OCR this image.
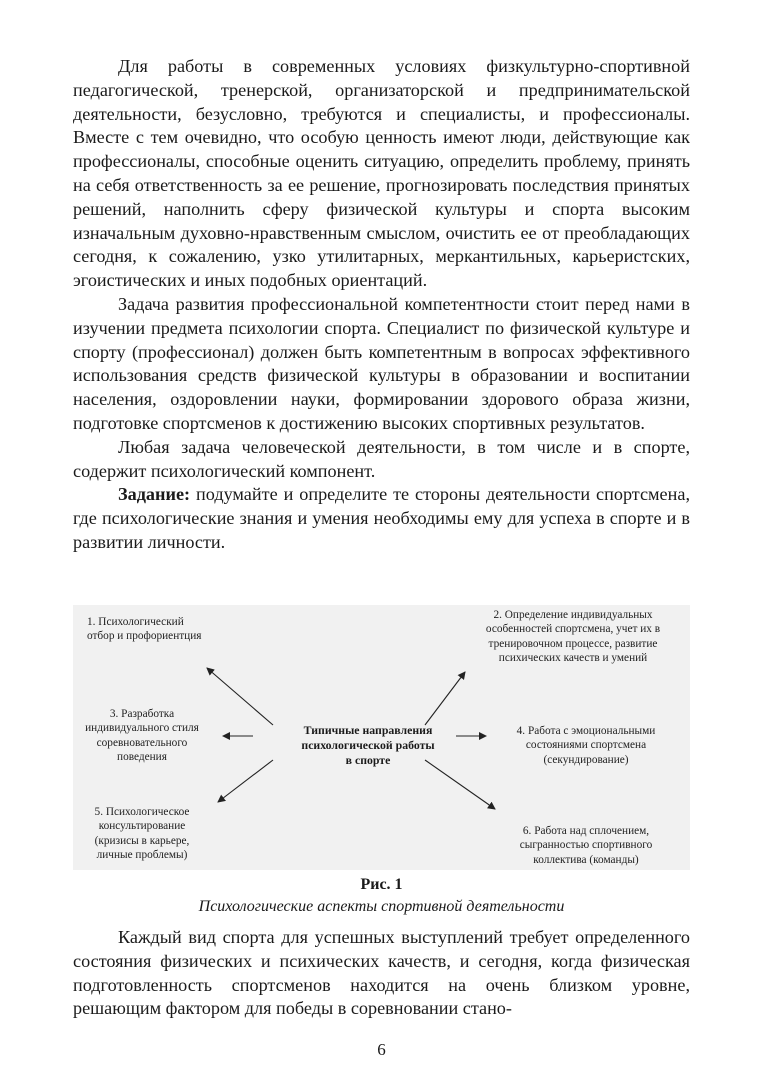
Для работы в современных условиях физкультурно-спортивной педагогической, тренерской, организаторской и предпринимательской деятельности, безусловно, требуются и специалисты, и профессионалы. Вместе с тем очевидно, что особую ценность имеют люди, действующие как профессионалы, способные оценить ситуацию, определить проблему, принять на себя ответственность за ее решение, прогнозировать последствия принятых решений, наполнить сферу физической культуры и спорта высоким изначальным духовно-нравственным смыслом, очистить ее от преобладающих сегодня, к сожалению, узко утилитарных, меркантильных, карьеристских, эгоистических и иных подобных ориентаций.

Задача развития профессиональной компетентности стоит перед нами в изучении предмета психологии спорта. Специалист по физической культуре и спорту (профессионал) должен быть компетентным в вопросах эффективного использования средств физической культуры в образовании и воспитании населения, оздоровлении науки, формировании здорового образа жизни, подготовке спортсменов к достижению высоких спортивных результатов.

Любая задача человеческой деятельности, в том числе и в спорте, содержит психологический компонент.

Задание: подумайте и определите те стороны деятельности спортсмена, где психологические знания и умения необходимы ему для успеха в спорте и в развитии личности.

Типичные направления
психологической работы
в спорте
1. Психологический
отбор и профориентция
2. Определение индивидуальных
особенностей спортсмена, учет их в
тренировочном процессе, развитие
психических качеств и умений
3. Разработка
индивидуального стиля
соревновательного
поведения
4. Работа с эмоциональными
состояниями спортсмена
(секундирование)
5. Психологическое
консультирование
(кризисы в карьере,
личные проблемы)
6. Работа над сплочением,
сыгранностью спортивного
коллектива (команды)
Рис. 1
Психологические аспекты спортивной деятельности

Каждый вид спорта для успешных выступлений требует определенного состояния физических и психических качеств, и сегодня, когда физическая подготовленность спортсменов находится на очень близком уровне, решающим фактором для победы в соревновании стано-

6
